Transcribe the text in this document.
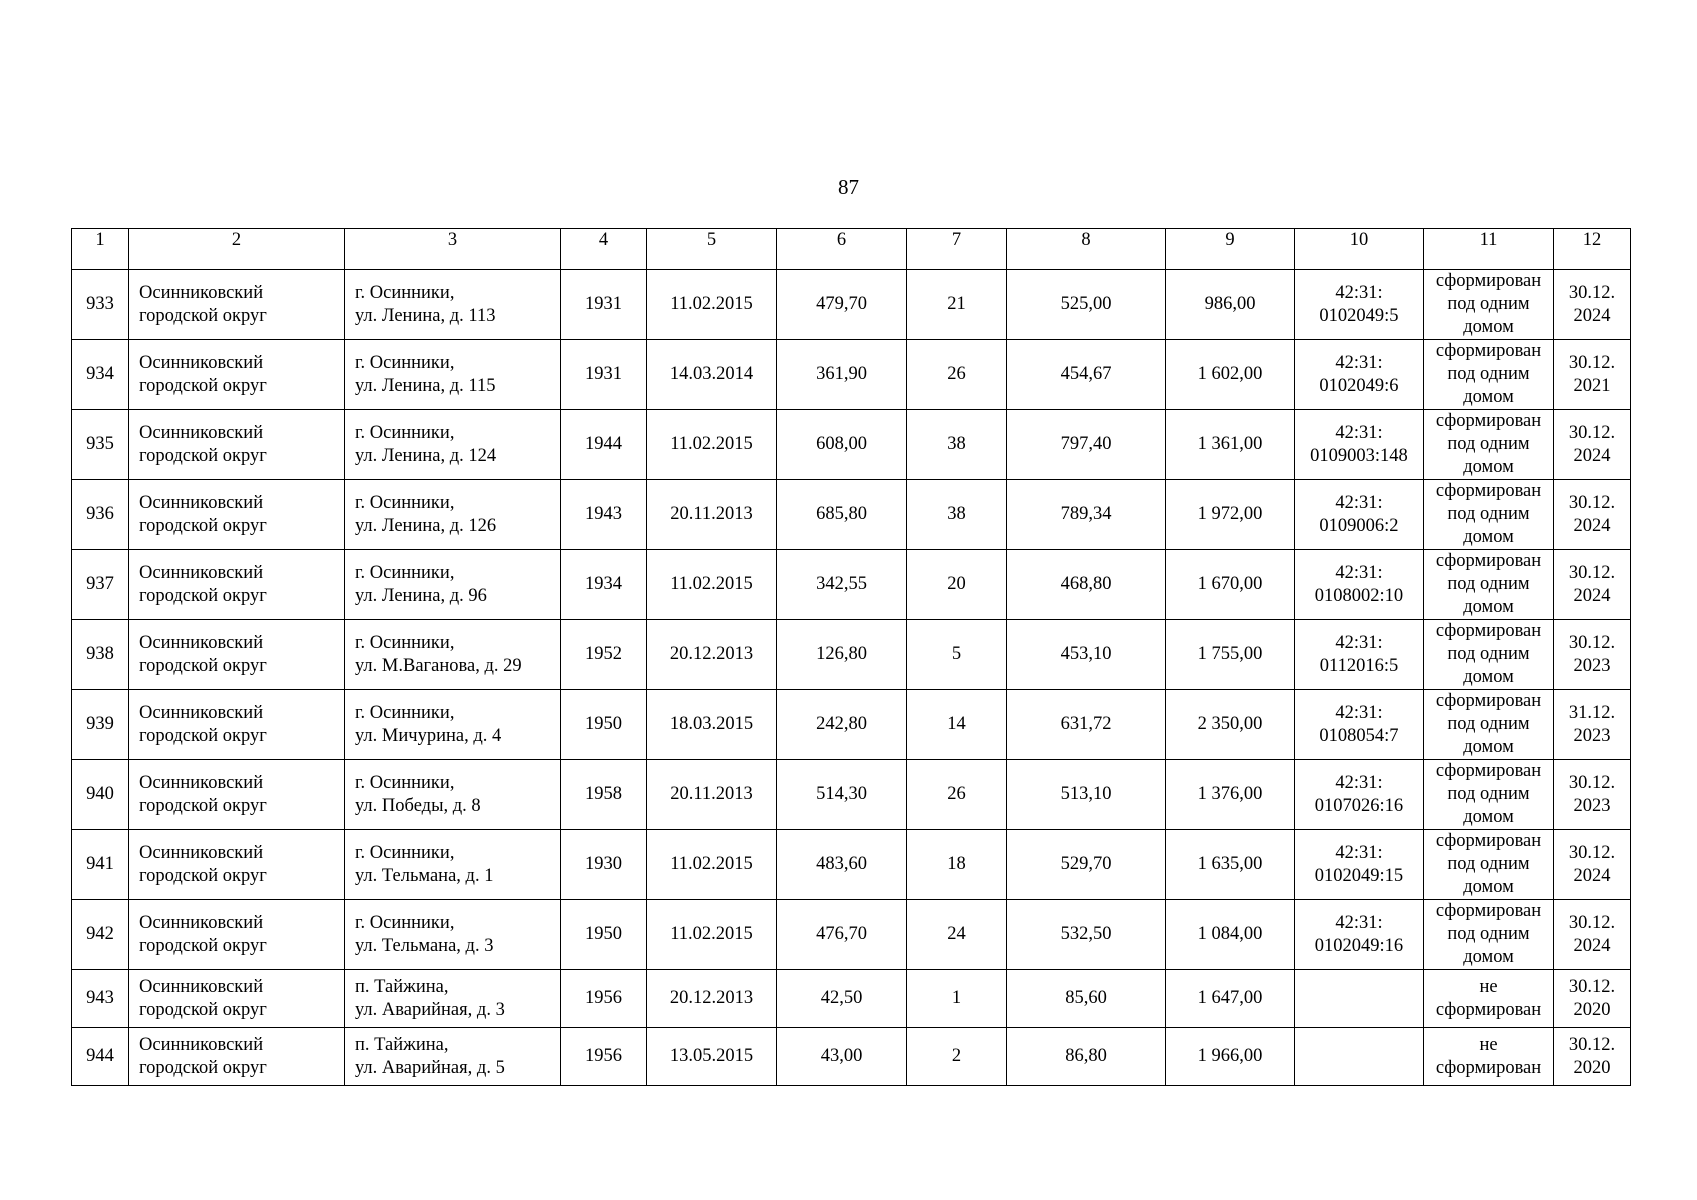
87
1	2	3	4	5	6	7	8	9	10	11	12
933	Осинниковский
городской округ	г. Осинники,
ул. Ленина, д. 113	1931	11.02.2015	479,70	21	525,00	986,00	42:31:
0102049:5	сформирован
под одним
домом	30.12.
2024

934	Осинниковский
городской округ	г. Осинники,
ул. Ленина, д. 115	1931	14.03.2014	361,90	26	454,67	1 602,00	42:31:
0102049:6	сформирован
под одним
домом	30.12.
2021

935	Осинниковский
городской округ	г. Осинники,
ул. Ленина, д. 124	1944	11.02.2015	608,00	38	797,40	1 361,00	42:31:
0109003:148	сформирован
под одним
домом	30.12.
2024

936	Осинниковский
городской округ	г. Осинники,
ул. Ленина, д. 126	1943	20.11.2013	685,80	38	789,34	1 972,00	42:31:
0109006:2	сформирован
под одним
домом	30.12.
2024

937	Осинниковский
городской округ	г. Осинники,
ул. Ленина, д. 96	1934	11.02.2015	342,55	20	468,80	1 670,00	42:31:
0108002:10	сформирован
под одним
домом	30.12.
2024

938	Осинниковский
городской округ	г. Осинники,
ул. М.Ваганова, д. 29	1952	20.12.2013	126,80	5	453,10	1 755,00	42:31:
0112016:5	сформирован
под одним
домом	30.12.
2023

939	Осинниковский
городской округ	г. Осинники,
ул. Мичурина, д. 4	1950	18.03.2015	242,80	14	631,72	2 350,00	42:31:
0108054:7	сформирован
под одним
домом	31.12.
2023

940	Осинниковский
городской округ	г. Осинники,
ул. Победы, д. 8	1958	20.11.2013	514,30	26	513,10	1 376,00	42:31:
0107026:16	сформирован
под одним
домом	30.12.
2023

941	Осинниковский
городской округ	г. Осинники,
ул. Тельмана, д. 1	1930	11.02.2015	483,60	18	529,70	1 635,00	42:31:
0102049:15	сформирован
под одним
домом	30.12.
2024

942	Осинниковский
городской округ	г. Осинники,
ул. Тельмана, д. 3	1950	11.02.2015	476,70	24	532,50	1 084,00	42:31:
0102049:16	сформирован
под одним
домом	30.12.
2024

943	Осинниковский
городской округ	п. Тайжина,
ул. Аварийная, д. 3	1956	20.12.2013	42,50	1	85,60	1 647,00		не
сформирован	30.12.
2020

944	Осинниковский
городской округ	п. Тайжина,
ул. Аварийная, д. 5	1956	13.05.2015	43,00	2	86,80	1 966,00		не
сформирован	30.12.
2020
